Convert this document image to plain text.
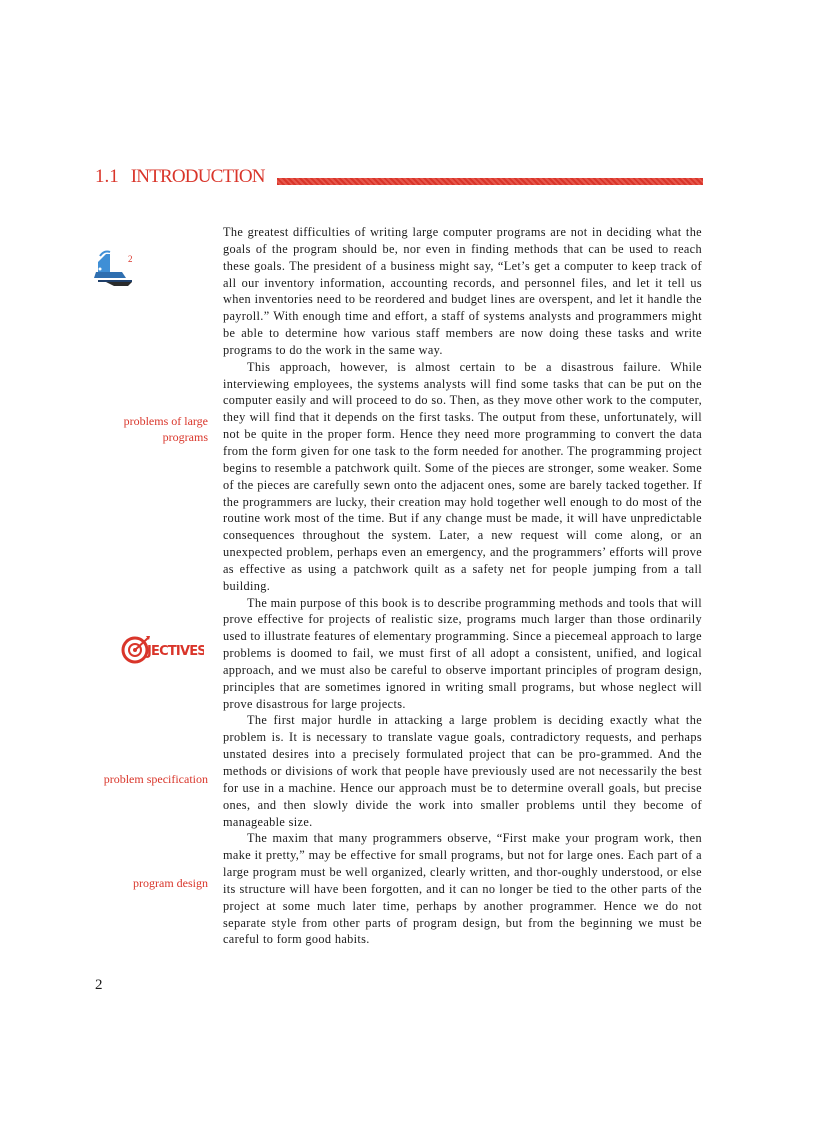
1.1 INTRODUCTION
2
JECTIVES
problems of large
programs
problem specification
program design

The greatest difficulties of writing large computer programs are not in deciding what the goals of the program should be, nor even in finding methods that can be used to reach these goals. The president of a business might say, “Let’s get a computer to keep track of all our inventory information, accounting records, and personnel files, and let it tell us when inventories need to be reordered and budget lines are overspent, and let it handle the payroll.” With enough time and effort, a staff of systems analysts and programmers might be able to determine how various staff members are now doing these tasks and write programs to do the work in the same way.

This approach, however, is almost certain to be a disastrous failure. While interviewing employees, the systems analysts will find some tasks that can be put on the computer easily and will proceed to do so. Then, as they move other work to the computer, they will find that it depends on the first tasks. The output from these, unfortunately, will not be quite in the proper form. Hence they need more programming to convert the data from the form given for one task to the form needed for another. The programming project begins to resemble a patchwork quilt. Some of the pieces are stronger, some weaker. Some of the pieces are carefully sewn onto the adjacent ones, some are barely tacked together. If the programmers are lucky, their creation may hold together well enough to do most of the routine work most of the time. But if any change must be made, it will have unpredictable consequences throughout the system. Later, a new request will come along, or an unexpected problem, perhaps even an emergency, and the programmers’ efforts will prove as effective as using a patchwork quilt as a safety net for people jumping from a tall building.

The main purpose of this book is to describe programming methods and tools that will prove effective for projects of realistic size, programs much larger than those ordinarily used to illustrate features of elementary programming. Since a piecemeal approach to large problems is doomed to fail, we must first of all adopt a consistent, unified, and logical approach, and we must also be careful to observe important principles of program design, principles that are sometimes ignored in writing small programs, but whose neglect will prove disastrous for large projects.

The first major hurdle in attacking a large problem is deciding exactly what the problem is. It is necessary to translate vague goals, contradictory requests, and perhaps unstated desires into a precisely formulated project that can be pro-grammed. And the methods or divisions of work that people have previously used are not necessarily the best for use in a machine. Hence our approach must be to determine overall goals, but precise ones, and then slowly divide the work into smaller problems until they become of manageable size.

The maxim that many programmers observe, “First make your program work, then make it pretty,” may be effective for small programs, but not for large ones. Each part of a large program must be well organized, clearly written, and thor-oughly understood, or else its structure will have been forgotten, and it can no longer be tied to the other parts of the project at some much later time, perhaps by another programmer. Hence we do not separate style from other parts of program design, but from the beginning we must be careful to form good habits.

2
